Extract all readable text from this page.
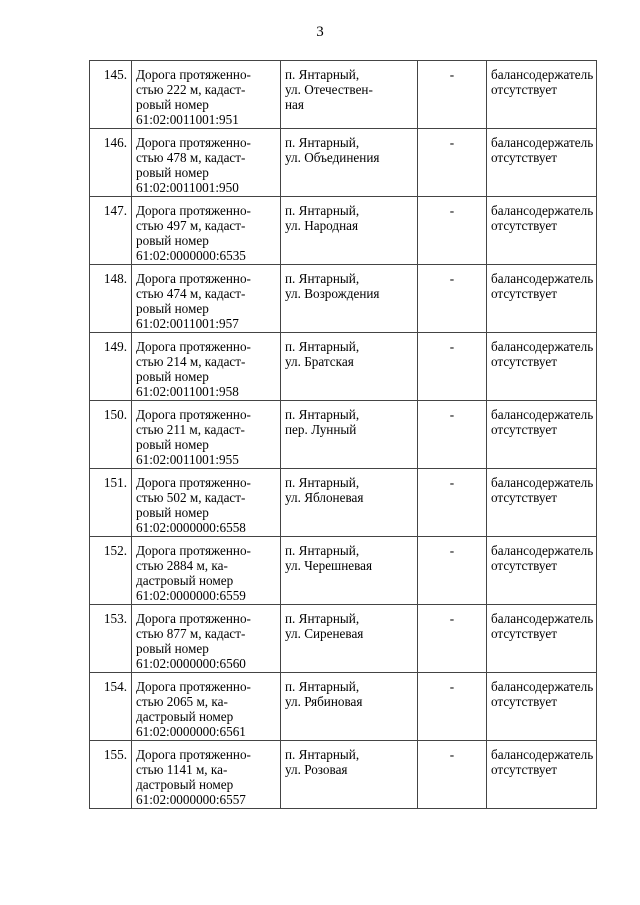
3
145.	Дорога протяженно-
стью 222 м, кадаст-
ровый номер
61:02:0011001:951	п. Янтарный,
ул. Отечествен-
ная	-	балансодержатель
отсутствует

146.	Дорога протяженно-
стью 478 м, кадаст-
ровый номер
61:02:0011001:950	п. Янтарный,
ул. Объединения	-	балансодержатель
отсутствует

147.	Дорога протяженно-
стью 497 м, кадаст-
ровый номер
61:02:0000000:6535	п. Янтарный,
ул. Народная	-	балансодержатель
отсутствует

148.	Дорога протяженно-
стью 474 м, кадаст-
ровый номер
61:02:0011001:957	п. Янтарный,
ул. Возрождения	-	балансодержатель
отсутствует

149.	Дорога протяженно-
стью 214 м, кадаст-
ровый номер
61:02:0011001:958	п. Янтарный,
ул. Братская	-	балансодержатель
отсутствует

150.	Дорога протяженно-
стью 211 м, кадаст-
ровый номер
61:02:0011001:955	п. Янтарный,
пер. Лунный	-	балансодержатель
отсутствует

151.	Дорога протяженно-
стью 502 м, кадаст-
ровый номер
61:02:0000000:6558	п. Янтарный,
ул. Яблоневая	-	балансодержатель
отсутствует

152.	Дорога протяженно-
стью 2884 м, ка-
дастровый номер
61:02:0000000:6559	п. Янтарный,
ул. Черешневая	-	балансодержатель
отсутствует

153.	Дорога протяженно-
стью 877 м, кадаст-
ровый номер
61:02:0000000:6560	п. Янтарный,
ул. Сиреневая	-	балансодержатель
отсутствует

154.	Дорога протяженно-
стью 2065 м, ка-
дастровый номер
61:02:0000000:6561	п. Янтарный,
ул. Рябиновая	-	балансодержатель
отсутствует

155.	Дорога протяженно-
стью 1141 м, ка-
дастровый номер
61:02:0000000:6557	п. Янтарный,
ул. Розовая	-	балансодержатель
отсутствует
